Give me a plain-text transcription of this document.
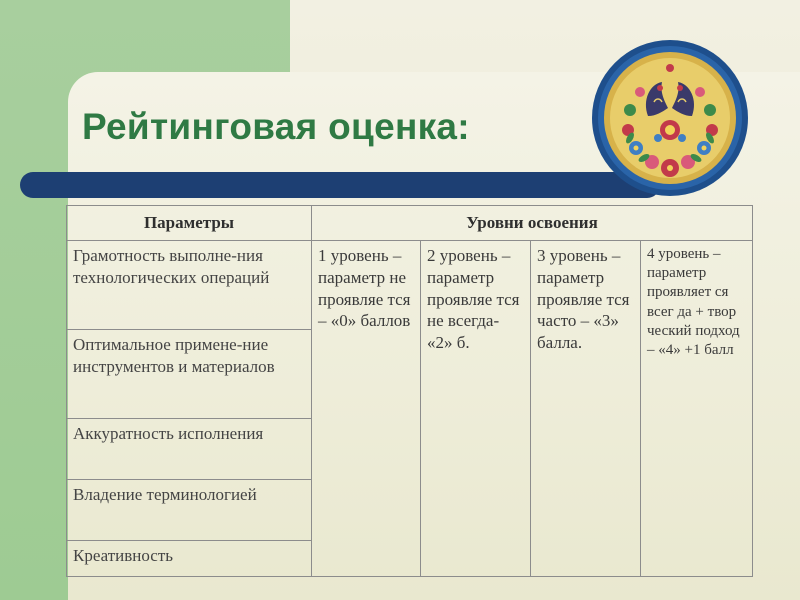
Рейтинговая оценка:
Параметры	Уровни освоения			
Грамотность выполне-ния технологических операций	1 уровень – параметр не проявляе тся – «0» баллов	2 уровень – параметр проявляе тся не всегда- «2» б.	3 уровень – параметр проявляе тся часто – «3» балла.	4 уровень – параметр проявляет ся всег да + твор ческий подход – «4» +1 балл
Оптимальное примене-ние инструментов и материалов				
Аккуратность исполнения				
Владение терминологией				
Креативность				
